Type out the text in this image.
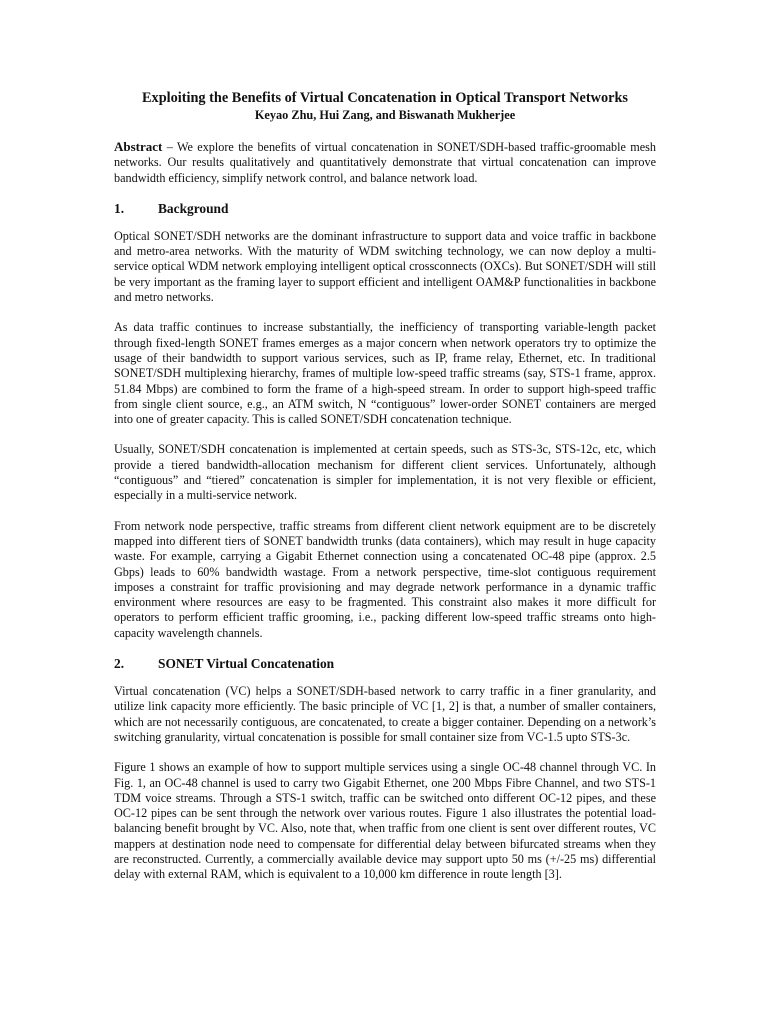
Exploiting the Benefits of Virtual Concatenation in Optical Transport Networks
Keyao Zhu, Hui Zang, and Biswanath Mukherjee

Abstract – We explore the benefits of virtual concatenation in SONET/SDH-based traffic-groomable mesh networks. Our results qualitatively and quantitatively demonstrate that virtual concatenation can improve bandwidth efficiency, simplify network control, and balance network load.

1.	Background

Optical SONET/SDH networks are the dominant infrastructure to support data and voice traffic in backbone and metro-area networks. With the maturity of WDM switching technology, we can now deploy a multi-service optical WDM network employing intelligent optical crossconnects (OXCs). But SONET/SDH will still be very important as the framing layer to support efficient and intelligent OAM&P functionalities in backbone and metro networks.

As data traffic continues to increase substantially, the inefficiency of transporting variable-length packet through fixed-length SONET frames emerges as a major concern when network operators try to optimize the usage of their bandwidth to support various services, such as IP, frame relay, Ethernet, etc. In traditional SONET/SDH multiplexing hierarchy, frames of multiple low-speed traffic streams (say, STS-1 frame, approx. 51.84 Mbps) are combined to form the frame of a high-speed stream. In order to support high-speed traffic from single client source, e.g., an ATM switch, N “contiguous” lower-order SONET containers are merged into one of greater capacity. This is called SONET/SDH concatenation technique.

Usually, SONET/SDH concatenation is implemented at certain speeds, such as STS-3c, STS-12c, etc, which provide a tiered bandwidth-allocation mechanism for different client services. Unfortunately, although “contiguous” and “tiered” concatenation is simpler for implementation, it is not very flexible or efficient, especially in a multi-service network.

From network node perspective, traffic streams from different client network equipment are to be discretely mapped into different tiers of SONET bandwidth trunks (data containers), which may result in huge capacity waste. For example, carrying a Gigabit Ethernet connection using a concatenated OC-48 pipe (approx. 2.5 Gbps) leads to 60% bandwidth wastage. From a network perspective, time-slot contiguous requirement imposes a constraint for traffic provisioning and may degrade network performance in a dynamic traffic environment where resources are easy to be fragmented. This constraint also makes it more difficult for operators to perform efficient traffic grooming, i.e., packing different low-speed traffic streams onto high-capacity wavelength channels.

2.	SONET Virtual Concatenation

Virtual concatenation (VC) helps a SONET/SDH-based network to carry traffic in a finer granularity, and utilize link capacity more efficiently. The basic principle of VC [1, 2] is that, a number of smaller containers, which are not necessarily contiguous, are concatenated, to create a bigger container. Depending on a network’s switching granularity, virtual concatenation is possible for small container size from VC-1.5 upto STS-3c.

Figure 1 shows an example of how to support multiple services using a single OC-48 channel through VC. In Fig. 1, an OC-48 channel is used to carry two Gigabit Ethernet, one 200 Mbps Fibre Channel, and two STS-1 TDM voice streams. Through a STS-1 switch, traffic can be switched onto different OC-12 pipes, and these OC-12 pipes can be sent through the network over various routes. Figure 1 also illustrates the potential load-balancing benefit brought by VC. Also, note that, when traffic from one client is sent over different routes, VC mappers at destination node need to compensate for differential delay between bifurcated streams when they are reconstructed. Currently, a commercially available device may support upto 50 ms (+/-25 ms) differential delay with external RAM, which is equivalent to a 10,000 km difference in route length [3].
